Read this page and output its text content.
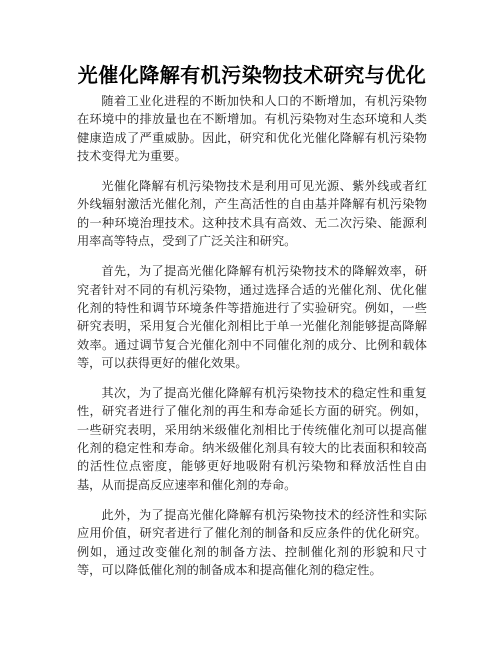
光催化降解有机污染物技术研究与优化

随着工业化进程的不断加快和人口的不断增加，有机污染物在环境中的排放量也在不断增加。有机污染物对生态环境和人类健康造成了严重威胁。因此，研究和优化光催化降解有机污染物技术变得尤为重要。

光催化降解有机污染物技术是利用可见光源、紫外线或者红外线辐射激活光催化剂，产生高活性的自由基并降解有机污染物的一种环境治理技术。这种技术具有高效、无二次污染、能源利用率高等特点，受到了广泛关注和研究。

首先，为了提高光催化降解有机污染物技术的降解效率，研究者针对不同的有机污染物，通过选择合适的光催化剂、优化催化剂的特性和调节环境条件等措施进行了实验研究。例如，一些研究表明，采用复合光催化剂相比于单一光催化剂能够提高降解效率。通过调节复合光催化剂中不同催化剂的成分、比例和载体等，可以获得更好的催化效果。

其次，为了提高光催化降解有机污染物技术的稳定性和重复性，研究者进行了催化剂的再生和寿命延长方面的研究。例如，一些研究表明，采用纳米级催化剂相比于传统催化剂可以提高催化剂的稳定性和寿命。纳米级催化剂具有较大的比表面积和较高的活性位点密度，能够更好地吸附有机污染物和释放活性自由基，从而提高反应速率和催化剂的寿命。

此外，为了提高光催化降解有机污染物技术的经济性和实际应用价值，研究者进行了催化剂的制备和反应条件的优化研究。例如，通过改变催化剂的制备方法、控制催化剂的形貌和尺寸等，可以降低催化剂的制备成本和提高催化剂的稳定性。
